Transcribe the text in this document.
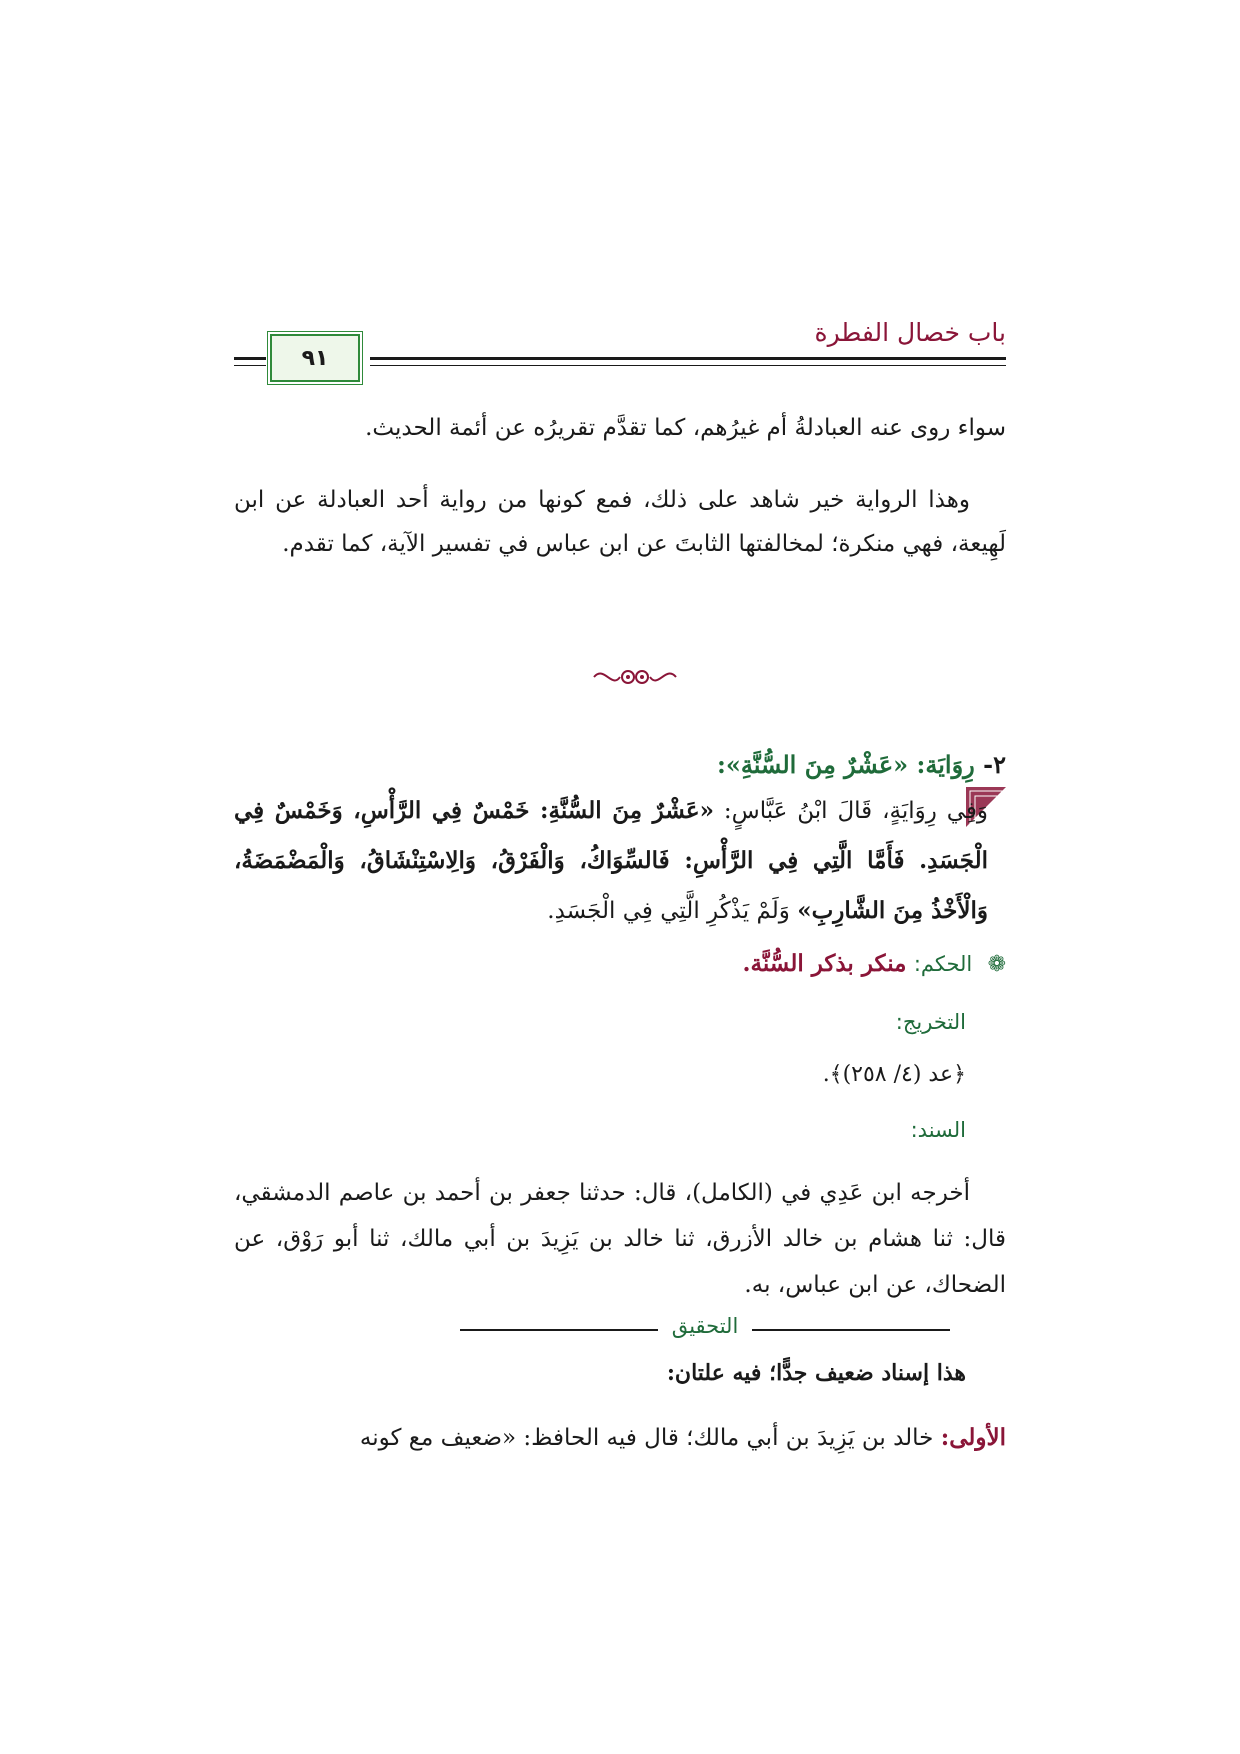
باب خصال الفطرة
٩١
سواء روى عنه العبادلةُ أم غيرُهم، كما تقدَّم تقريرُه عن أئمة الحديث.
وهذا الرواية خير شاهد على ذلك، فمع كونها من رواية أحد العبادلة عن ابن لَهِيعة، فهي منكرة؛ لمخالفتها الثابتَ عن ابن عباس في تفسير الآية، كما تقدم.
٢- رِوَايَة: «عَشْرٌ مِنَ السُّنَّةِ»:
وَفِي رِوَايَةٍ، قَالَ ابْنُ عَبَّاسٍ: «عَشْرٌ مِنَ السُّنَّةِ: خَمْسٌ فِي الرَّأْسِ، وَخَمْسٌ فِي الْجَسَدِ. فَأَمَّا الَّتِي فِي الرَّأْسِ: فَالسِّوَاكُ، وَالْفَرْقُ، وَالِاسْتِنْشَاقُ، وَالْمَضْمَضَةُ، وَالْأَخْذُ مِنَ الشَّارِبِ» وَلَمْ يَذْكُرِ الَّتِي فِي الْجَسَدِ.
❁ الحكم: منكر بذكر السُّنَّة.
التخريج:
﴿عد (٤/ ٢٥٨)﴾.
السند:
أخرجه ابن عَدِي في (الكامل)، قال: حدثنا جعفر بن أحمد بن عاصم الدمشقي، قال: ثنا هشام بن خالد الأزرق، ثنا خالد بن يَزِيدَ بن أبي مالك، ثنا أبو رَوْق، عن الضحاك، عن ابن عباس، به.
التحقيق
هذا إسناد ضعيف جدًّا؛ فيه علتان:
الأولى: خالد بن يَزِيدَ بن أبي مالك؛ قال فيه الحافظ: «ضعيف مع كونه
